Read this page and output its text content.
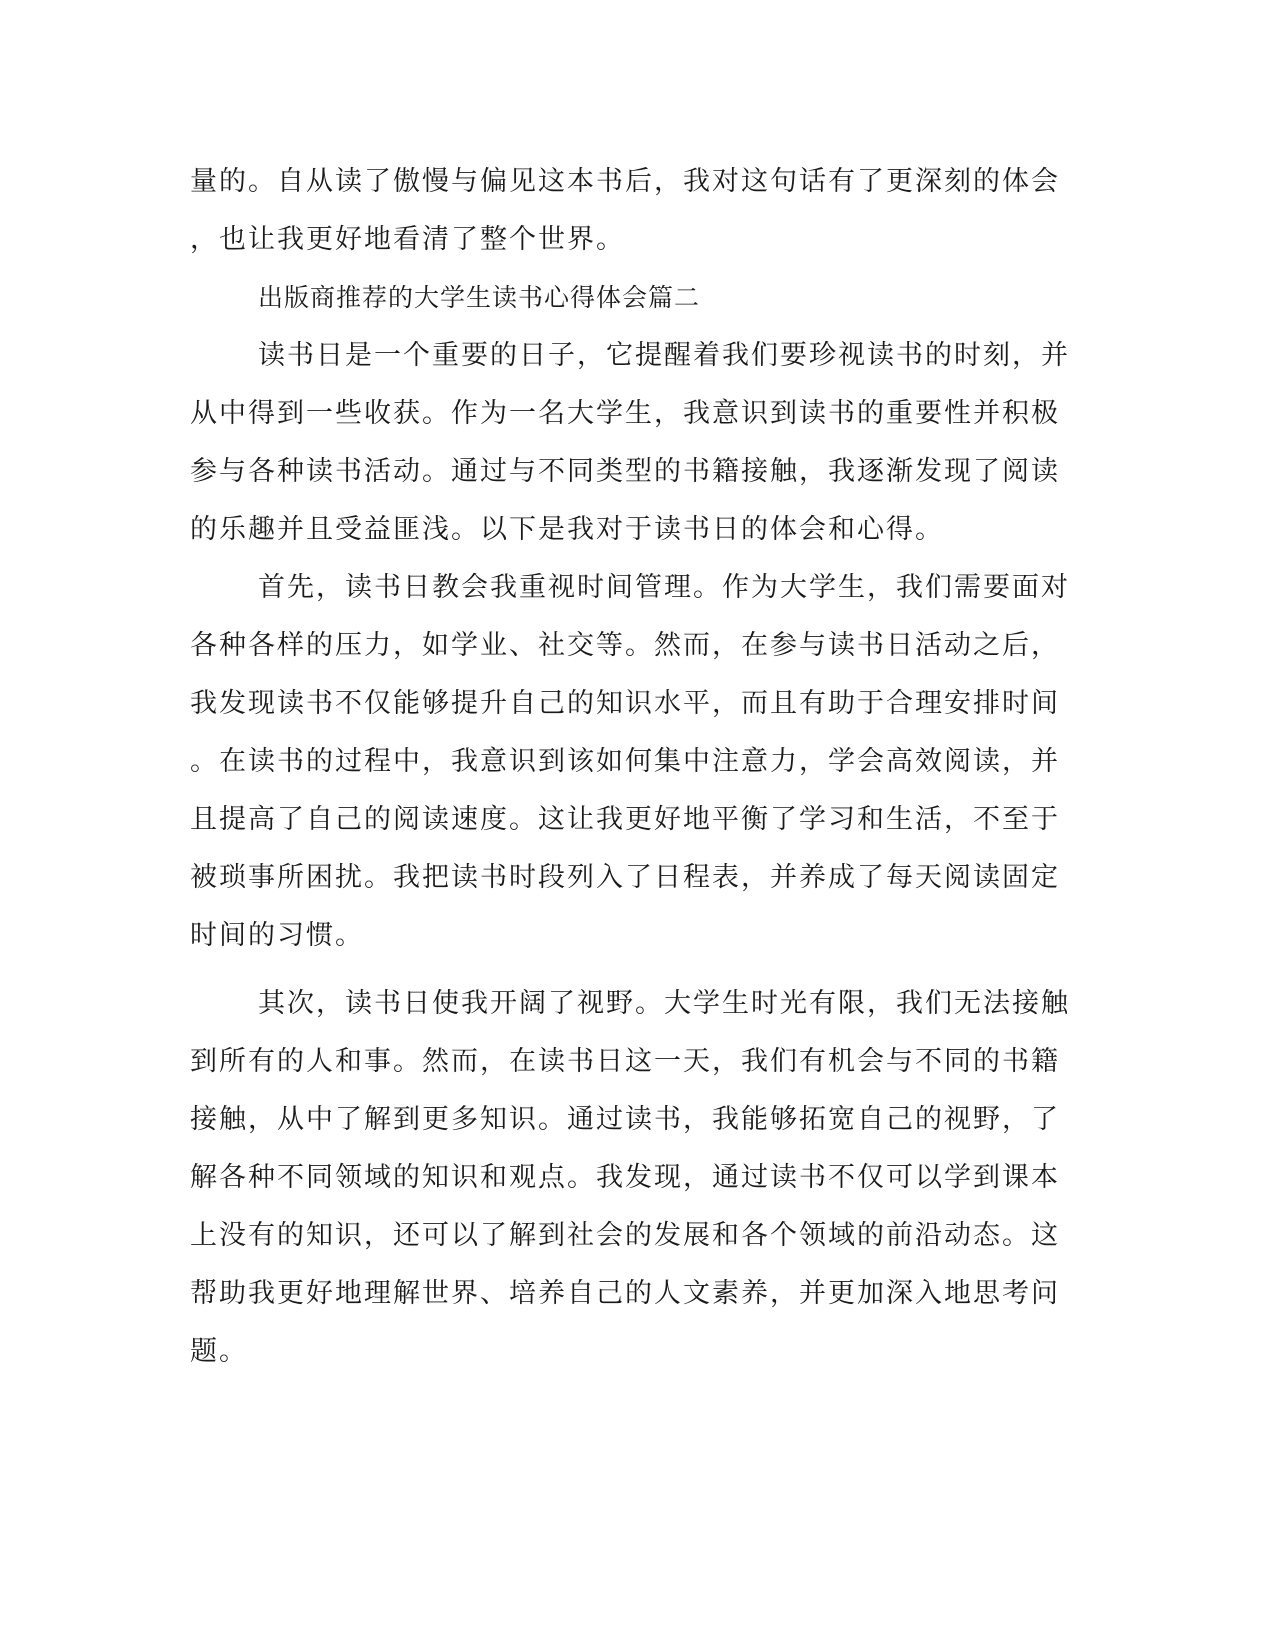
量的。自从读了傲慢与偏见这本书后，我对这句话有了更深刻的体会
，也让我更好地看清了整个世界。
出版商推荐的大学生读书心得体会篇二
读书日是一个重要的日子，它提醒着我们要珍视读书的时刻，并
从中得到一些收获。作为一名大学生，我意识到读书的重要性并积极
参与各种读书活动。通过与不同类型的书籍接触，我逐渐发现了阅读
的乐趣并且受益匪浅。以下是我对于读书日的体会和心得。
首先，读书日教会我重视时间管理。作为大学生，我们需要面对
各种各样的压力，如学业、社交等。然而，在参与读书日活动之后，
我发现读书不仅能够提升自己的知识水平，而且有助于合理安排时间
。在读书的过程中，我意识到该如何集中注意力，学会高效阅读，并
且提高了自己的阅读速度。这让我更好地平衡了学习和生活，不至于
被琐事所困扰。我把读书时段列入了日程表，并养成了每天阅读固定
时间的习惯。
其次，读书日使我开阔了视野。大学生时光有限，我们无法接触
到所有的人和事。然而，在读书日这一天，我们有机会与不同的书籍
接触，从中了解到更多知识。通过读书，我能够拓宽自己的视野，了
解各种不同领域的知识和观点。我发现，通过读书不仅可以学到课本
上没有的知识，还可以了解到社会的发展和各个领域的前沿动态。这
帮助我更好地理解世界、培养自己的人文素养，并更加深入地思考问
题。
